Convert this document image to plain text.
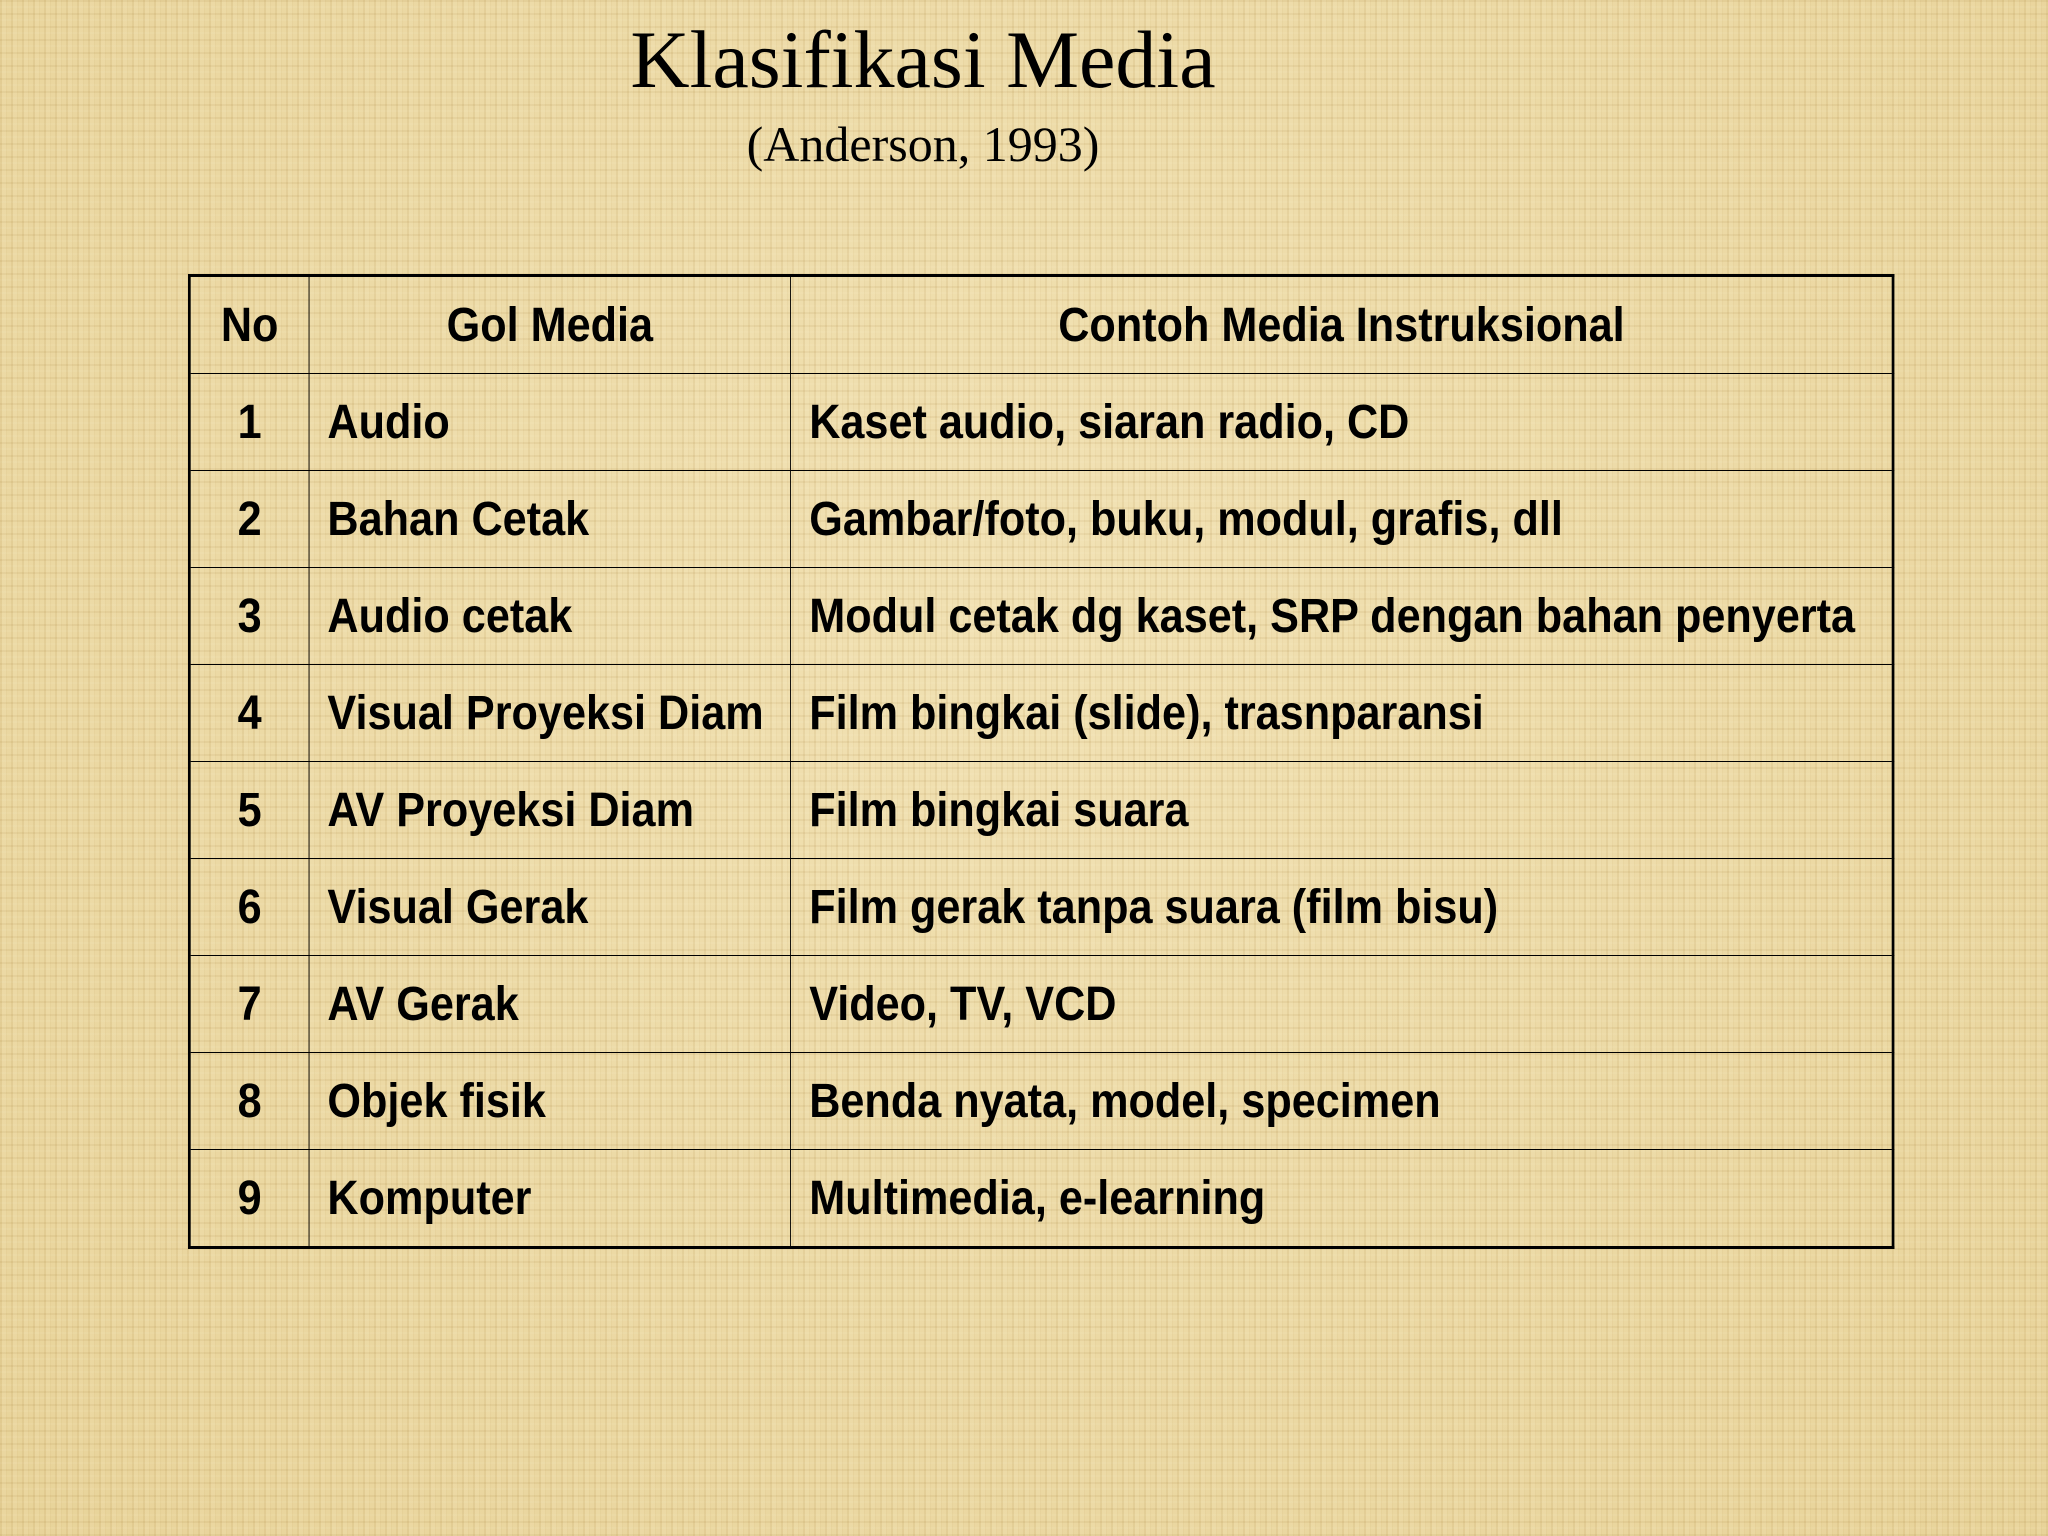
Klasifikasi Media
(Anderson, 1993)
No	Gol Media	Contoh Media Instruksional
1	Audio	Kaset audio, siaran radio, CD
2	Bahan Cetak	Gambar/foto, buku, modul, grafis, dll
3	Audio cetak	Modul cetak dg kaset, SRP dengan bahan penyerta
4	Visual Proyeksi Diam	Film bingkai (slide), trasnparansi
5	AV Proyeksi Diam	Film bingkai suara
6	Visual Gerak	Film gerak tanpa suara (film bisu)
7	AV Gerak	Video, TV, VCD
8	Objek fisik	Benda nyata, model, specimen
9	Komputer	Multimedia, e-learning
